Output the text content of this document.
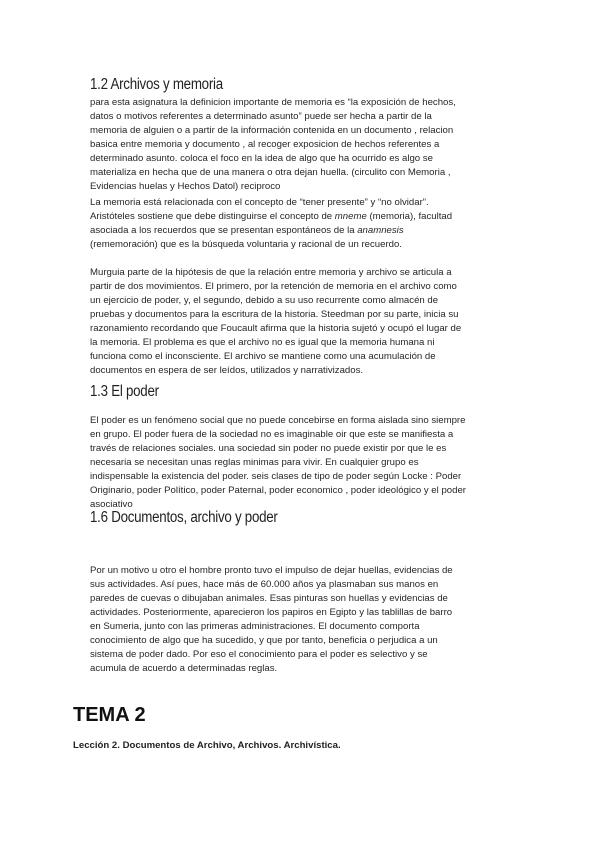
1.2 Archivos y memoria
para esta asignatura la definicion importante de memoria es “la exposición de hechos,
datos o motivos referentes a determinado asunto” puede ser hecha a partir de la
memoria de alguien o a partir de la información contenida en un documento , relacion
basica entre memoria y documento , al recoger exposicion de hechos referentes a
determinado asunto. coloca el foco en la idea de algo que ha ocurrido es algo se
materializa en hecha que de una manera o otra dejan huella. (circulito con Memoria ,
Evidencias huelas y Hechos Datol) reciproco
La memoria está relacionada con el concepto de “tener presente” y “no olvidar”.
Aristóteles sostiene que debe distinguirse el concepto de mneme (memoria), facultad
asociada a los recuerdos que se presentan espontáneos de la anamnesis
(rememoración) que es la búsqueda voluntaria y racional de un recuerdo.
Murguia parte de la hipótesis de que la relación entre memoria y archivo se articula a
partir de dos movimientos. El primero, por la retención de memoria en el archivo como
un ejercicio de poder, y, el segundo, debido a su uso recurrente como almacén de
pruebas y documentos para la escritura de la historia. Steedman por su parte, inicia su
razonamiento recordando que Foucault afirma que la historia sujetó y ocupó el lugar de
la memoria. El problema es que el archivo no es igual que la memoria humana ni
funciona como el inconsciente. El archivo se mantiene como una acumulación de
documentos en espera de ser leídos, utilizados y narrativizados.
1.3 El poder
El poder es un fenómeno social que no puede concebirse en forma aislada sino siempre
en grupo. El poder fuera de la sociedad no es imaginable oir que este se manifiesta a
través de relaciones sociales. una sociedad sin poder no puede existir por que le es
necesaria se necesitan unas reglas minimas para vivir. En cualquier grupo es
indispensable la existencia del poder. seis clases de tipo de poder según Locke : Poder
Originario, poder Político, poder Paternal, poder economico , poder ideológico y el poder
asociativo
1.6 Documentos, archivo y poder
Por un motivo u otro el hombre pronto tuvo el impulso de dejar huellas, evidencias de
sus actividades. Así pues, hace más de 60.000 años ya plasmaban sus manos en
paredes de cuevas o dibujaban animales. Esas pinturas son huellas y evidencias de
actividades. Posteriormente, aparecieron los papiros en Egipto y las tablillas de barro
en Sumeria, junto con las primeras administraciones. El documento comporta
conocimiento de algo que ha sucedido, y que por tanto, beneficia o perjudica a un
sistema de poder dado. Por eso el conocimiento para el poder es selectivo y se
acumula de acuerdo a determinadas reglas.
TEMA 2
Lección 2. Documentos de Archivo, Archivos. Archivística.
